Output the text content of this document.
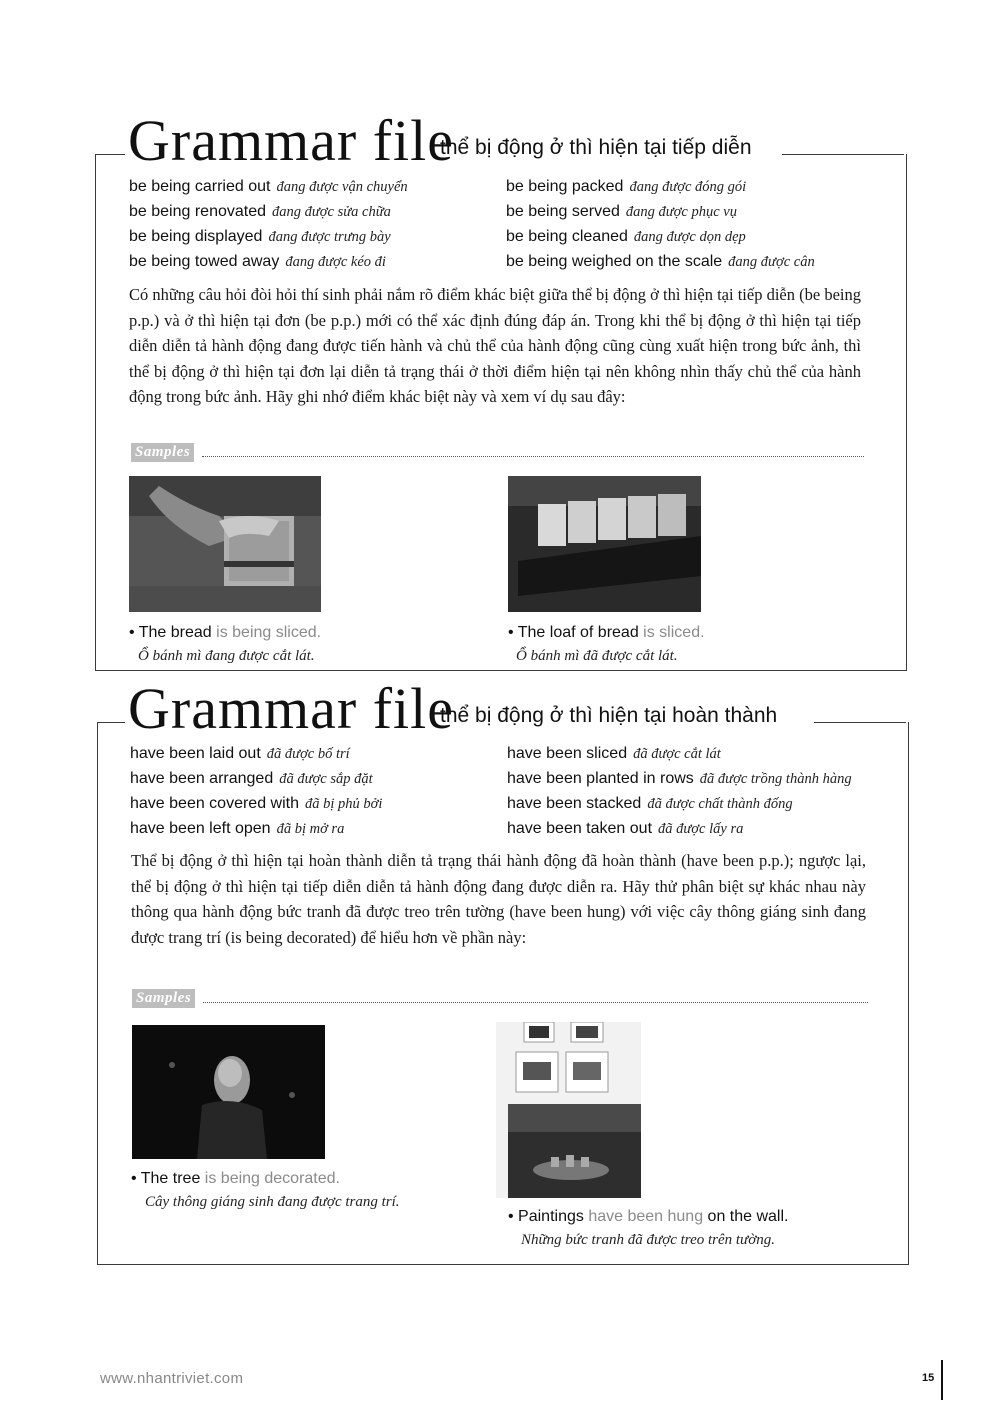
Grammar file
thể bị động ở thì hiện tại tiếp diễn
be being carried out đang được vận chuyển
be being renovated đang được sửa chữa
be being displayed đang được trưng bày
be being towed away đang được kéo đi
be being packed đang được đóng gói
be being served đang được phục vụ
be being cleaned đang được dọn dẹp
be being weighed on the scale đang được cân
Có những câu hỏi đòi hỏi thí sinh phải nắm rõ điểm khác biệt giữa thể bị động ở thì hiện tại tiếp diễn (be being p.p.) và ở thì hiện tại đơn (be p.p.) mới có thể xác định đúng đáp án. Trong khi thể bị động ở thì hiện tại tiếp diễn diễn tả hành động đang được tiến hành và chủ thể của hành động cũng cùng xuất hiện trong bức ảnh, thì thể bị động ở thì hiện tại đơn lại diễn tả trạng thái ở thời điểm hiện tại nên không nhìn thấy chủ thể của hành động trong bức ảnh. Hãy ghi nhớ điểm khác biệt này và xem ví dụ sau đây:
Samples
• The bread is being sliced.
Ổ bánh mì đang được cắt lát.
• The loaf of bread is sliced.
Ổ bánh mì đã được cắt lát.
Grammar file
thể bị động ở thì hiện tại hoàn thành
have been laid out đã được bố trí
have been arranged đã được sắp đặt
have been covered with đã bị phủ bởi
have been left open đã bị mở ra
have been sliced đã được cắt lát
have been planted in rows đã được trồng thành hàng
have been stacked đã được chất thành đống
have been taken out đã được lấy ra
Thể bị động ở thì hiện tại hoàn thành diễn tả trạng thái hành động đã hoàn thành (have been p.p.); ngược lại, thể bị động ở thì hiện tại tiếp diễn diễn tả hành động đang được diễn ra. Hãy thử phân biệt sự khác nhau này thông qua hành động bức tranh đã được treo trên tường (have been hung) với việc cây thông giáng sinh đang được trang trí (is being decorated) để hiểu hơn về phần này:
Samples
• The tree is being decorated.
Cây thông giáng sinh đang được trang trí.
• Paintings have been hung on the wall.
Những bức tranh đã được treo trên tường.
www.nhantriviet.com	15
